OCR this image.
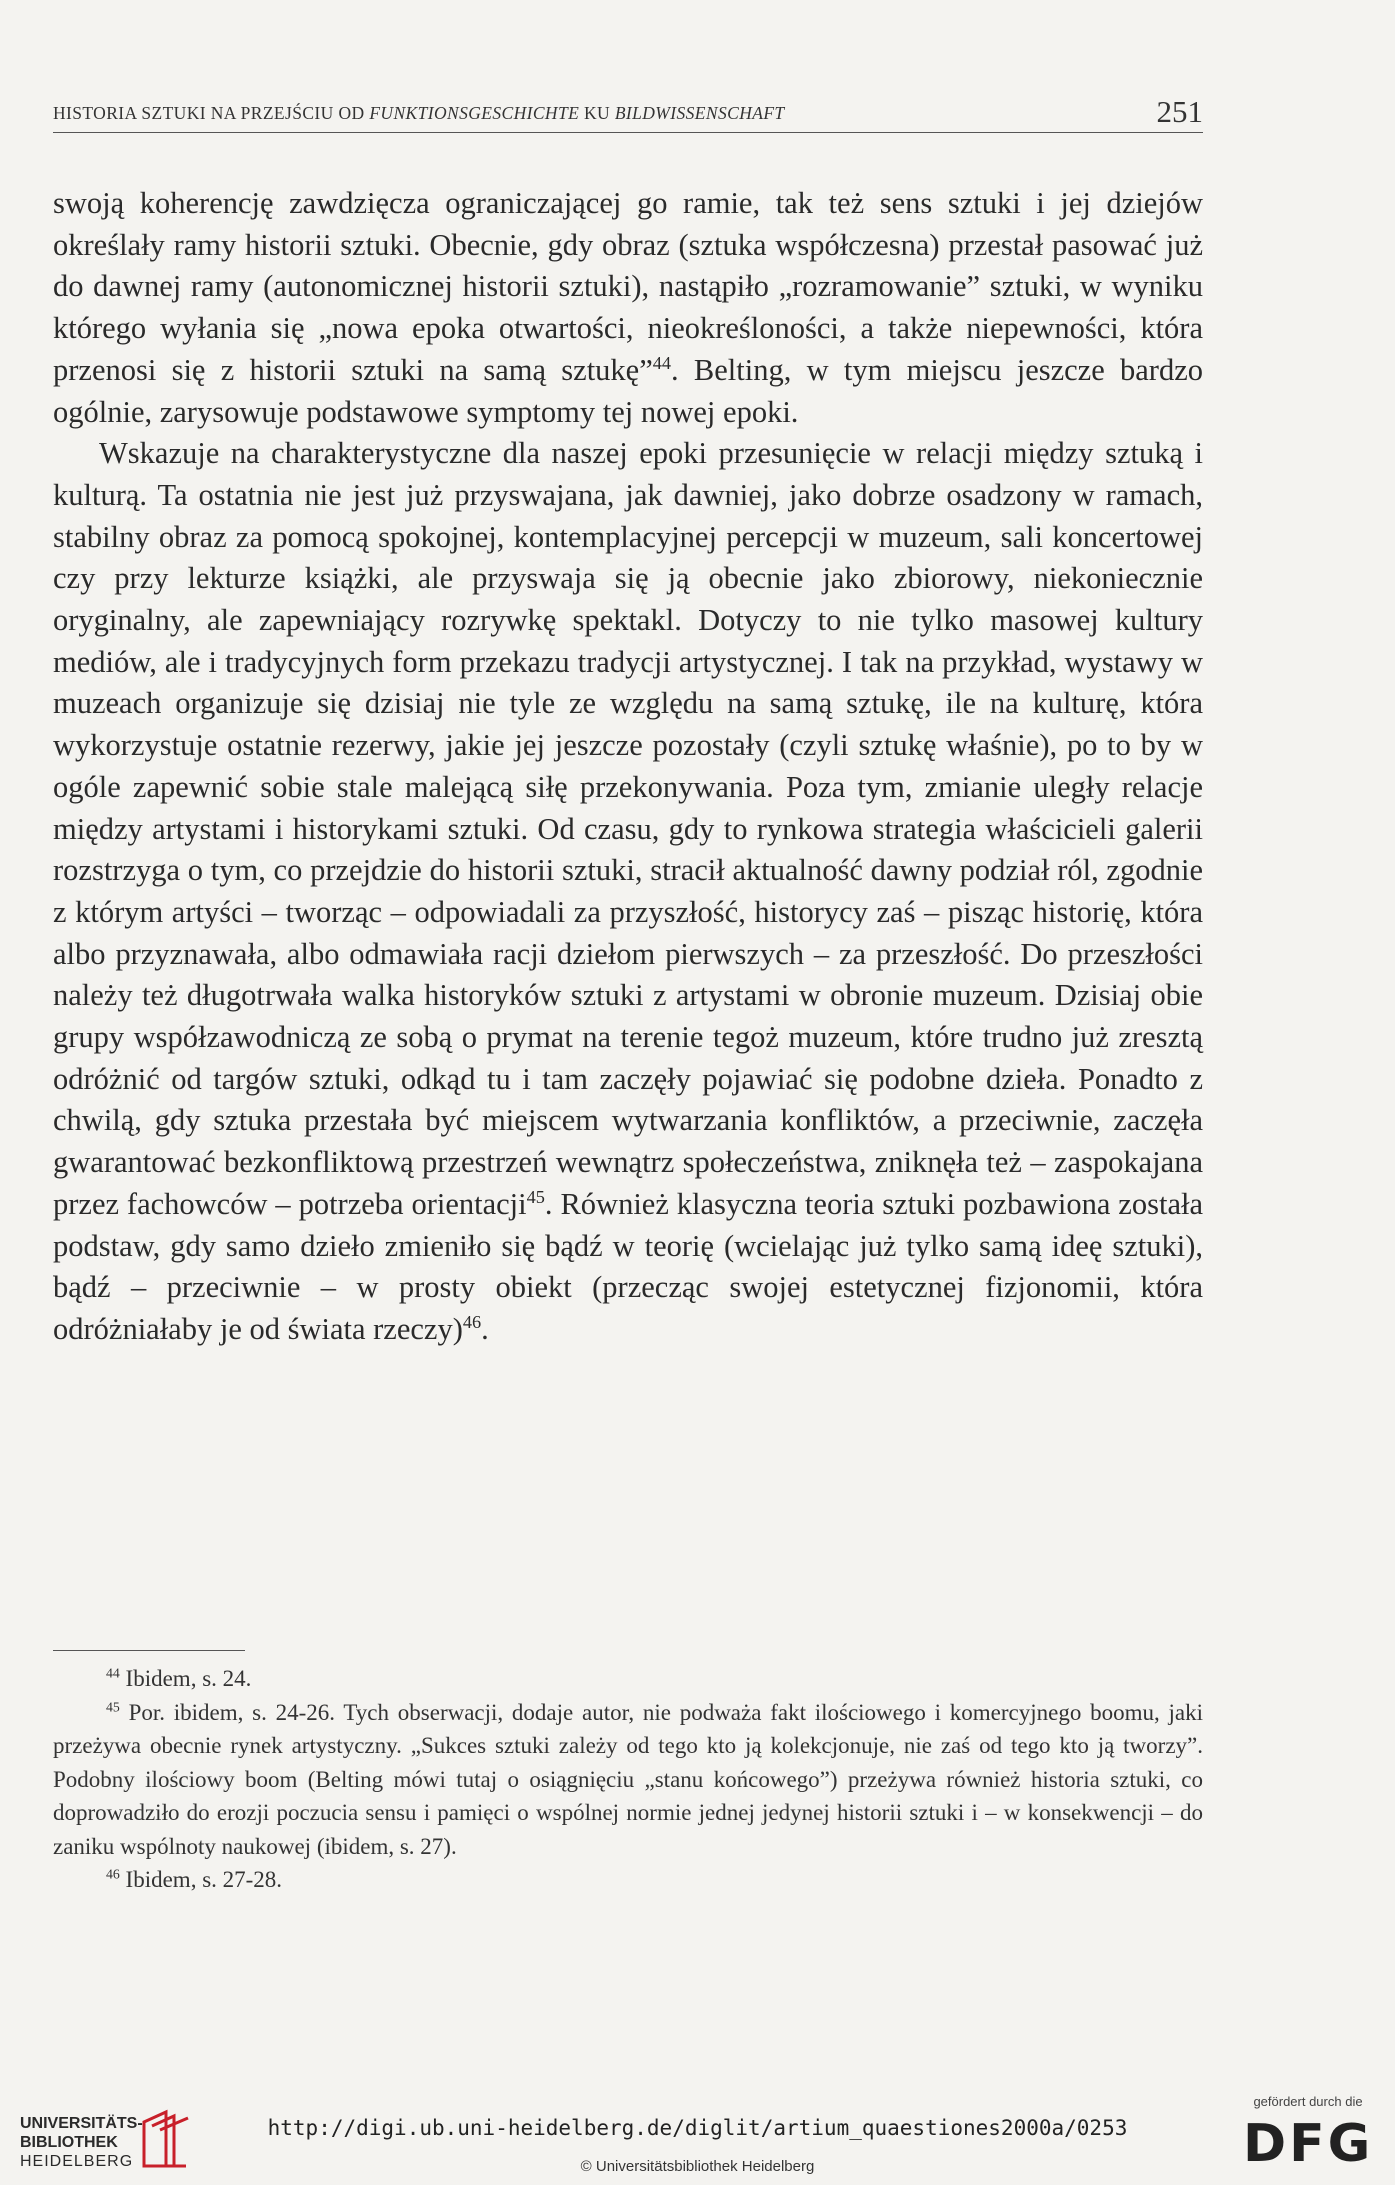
HISTORIA SZTUKI NA PRZEJŚCIU OD FUNKTIONSGESCHICHTE KU BILDWISSENSCHAFT	251

swoją koherencję zawdzięcza ograniczającej go ramie, tak też sens sztuki i jej dziejów określały ramy historii sztuki. Obecnie, gdy obraz (sztuka współczesna) przestał pasować już do dawnej ramy (autonomicznej historii sztuki), nastąpiło „rozramowanie” sztuki, w wyniku którego wyłania się „nowa epoka otwartości, nieokreśloności, a także niepewności, która przenosi się z historii sztuki na samą sztukę”$^{44}$. Belting, w tym miejscu jeszcze bardzo ogólnie, zarysowuje podstawowe symptomy tej nowej epoki.

Wskazuje na charakterystyczne dla naszej epoki przesunięcie w relacji między sztuką i kulturą. Ta ostatnia nie jest już przyswajana, jak dawniej, jako dobrze osadzony w ramach, stabilny obraz za pomocą spokojnej, kontemplacyjnej percepcji w muzeum, sali koncertowej czy przy lekturze książki, ale przyswaja się ją obecnie jako zbiorowy, niekoniecznie oryginalny, ale zapewniający rozrywkę spektakl. Dotyczy to nie tylko masowej kultury mediów, ale i tradycyjnych form przekazu tradycji artystycznej. I tak na przykład, wystawy w muzeach organizuje się dzisiaj nie tyle ze względu na samą sztukę, ile na kulturę, która wykorzystuje ostatnie rezerwy, jakie jej jeszcze pozostały (czyli sztukę właśnie), po to by w ogóle zapewnić sobie stale malejącą siłę przekonywania. Poza tym, zmianie uległy relacje między artystami i historykami sztuki. Od czasu, gdy to rynkowa strategia właścicieli galerii rozstrzyga o tym, co przejdzie do historii sztuki, stracił aktualność dawny podział ról, zgodnie z którym artyści – tworząc – odpowiadali za przyszłość, historycy zaś – pisząc historię, która albo przyznawała, albo odmawiała racji dziełom pierwszych – za przeszłość. Do przeszłości należy też długotrwała walka historyków sztuki z artystami w obronie muzeum. Dzisiaj obie grupy współzawodniczą ze sobą o prymat na terenie tegoż muzeum, które trudno już zresztą odróżnić od targów sztuki, odkąd tu i tam zaczęły pojawiać się podobne dzieła. Ponadto z chwilą, gdy sztuka przestała być miejscem wytwarzania konfliktów, a przeciwnie, zaczęła gwarantować bezkonfliktową przestrzeń wewnątrz społeczeństwa, zniknęła też – zaspokajana przez fachowców – potrzeba orientacji$^{45}$. Również klasyczna teoria sztuki pozbawiona została podstaw, gdy samo dzieło zmieniło się bądź w teorię (wcielając już tylko samą ideę sztuki), bądź – przeciwnie – w prosty obiekt (przecząc swojej estetycznej fizjonomii, która odróżniałaby je od świata rzeczy)$^{46}$.

$^{44}$ Ibidem, s. 24.

$^{45}$ Por. ibidem, s. 24-26. Tych obserwacji, dodaje autor, nie podważa fakt ilościowego i komercyjnego boomu, jaki przeżywa obecnie rynek artystyczny. „Sukces sztuki zależy od tego kto ją kolekcjonuje, nie zaś od tego kto ją tworzy”. Podobny ilościowy boom (Belting mówi tutaj o osiągnięciu „stanu końcowego”) przeżywa również historia sztuki, co doprowadziło do erozji poczucia sensu i pamięci o wspólnej normie jednej jedynej historii sztuki i – w konsekwencji – do zaniku wspólnoty naukowej (ibidem, s. 27).

$^{46}$ Ibidem, s. 27-28.

UNIVERSITÄTS-
BIBLIOTHEK
HEIDELBERG
http://digi.ub.uni-heidelberg.de/diglit/artium_quaestiones2000a/0253
© Universitätsbibliothek Heidelberg
gefördert durch die
DFG
